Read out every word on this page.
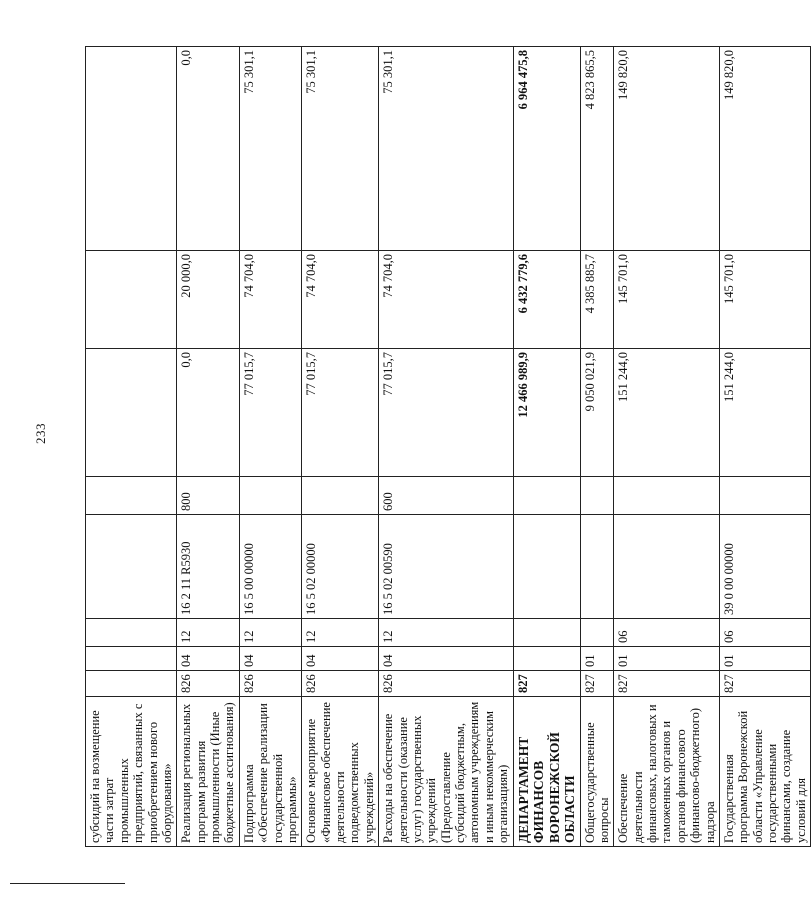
233
субсидий на возмещение части затрат промышленных предприятий, связанных с приобретением нового оборудования»								
Реализация региональных программ развития промышленности (Иные бюджетные ассигнования)	826	04	12	16 2 11 R5930	800	0,0	20 000,0	0,0
Подпрограмма «Обеспечение реализации государственной программы»	826	04	12	16 5 00 00000		77 015,7	74 704,0	75 301,1
Основное мероприятие «Финансовое обеспечение деятельности подведомственных учреждений»	826	04	12	16 5 02 00000		77 015,7	74 704,0	75 301,1
Расходы на обеспечение деятельности (оказание услуг) государственных учреждений (Предоставление субсидий бюджетным, автономным учреждениям и иным некоммерческим организациям)	826	04	12	16 5 02 00590	600	77 015,7	74 704,0	75 301,1
ДЕПАРТАМЕНТ ФИНАНСОВ ВОРОНЕЖСКОЙ ОБЛАСТИ	827					12 466 989,9	6 432 779,6	6 964 475,8
Общегосударственные вопросы	827	01				9 050 021,9	4 385 885,7	4 823 865,5
Обеспечение деятельности финансовых, налоговых и таможенных органов и органов финансового (финансово-бюджетного) надзора	827	01	06			151 244,0	145 701,0	149 820,0
Государственная программа Воронежской области «Управление государственными финансами, создание условий для	827	01	06	39 0 00 00000		151 244,0	145 701,0	149 820,0
